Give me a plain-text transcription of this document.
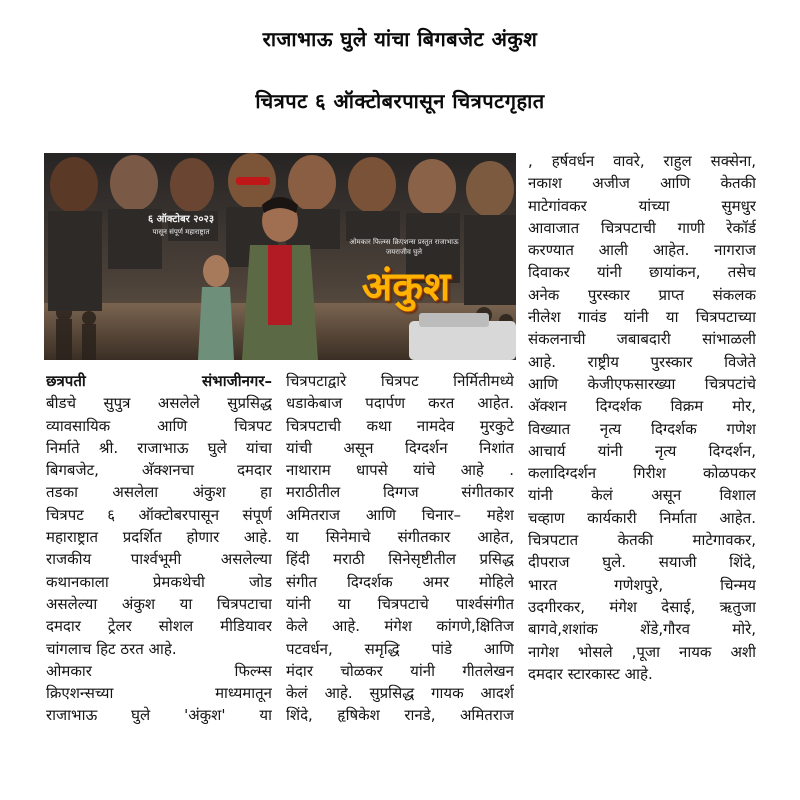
राजाभाऊ घुले यांचा बिगबजेट अंकुश
चित्रपट ६ ऑक्टोबरपासून चित्रपटगृहात
६ ऑक्टोबर २०२३
पासून संपूर्ण महाराष्ट्रात
ओमकार फिल्म्स क्रिएशन्स प्रस्तुत राजाभाऊ जयराजीव घुले
अंकुश
छत्रपती संभाजीनगर–
बीडचे सुपुत्र असलेले सुप्रसिद्ध
व्यावसायिक आणि चित्रपट
निर्माते श्री. राजाभाऊ घुले यांचा
बिगबजेट, अ‍ॅक्शनचा दमदार
तडका असलेला अंकुश हा
चित्रपट ६ ऑक्टोबरपासून संपूर्ण
महाराष्ट्रात प्रदर्शित होणार आहे.
राजकीय पार्श्वभूमी असलेल्या
कथानकाला प्रेमकथेची जोड
असलेल्या अंकुश या चित्रपटाचा
दमदार ट्रेलर सोशल मीडियावर
चांगलाच हिट ठरत आहे.
ओमकार फिल्म्स
क्रिएशन्सच्या माध्यमातून
राजाभाऊ घुले 'अंकुश' या
चित्रपटाद्वारे चित्रपट निर्मितीमध्ये
धडाकेबाज पदार्पण करत आहेत.
चित्रपटाची कथा नामदेव मुरकुटे
यांची असून दिग्दर्शन निशांत
नाथाराम धापसे यांचे आहे .
मराठीतील दिग्गज संगीतकार
अमितराज आणि चिनार– महेश
या सिनेमाचे संगीतकार आहेत,
हिंदी मराठी सिनेसृष्टीतील प्रसिद्ध
संगीत दिग्दर्शक अमर मोहिले
यांनी या चित्रपटाचे पार्श्वसंगीत
केले आहे. मंगेश कांगणे,क्षितिज
पटवर्धन, समृद्धि पांडे आणि
मंदार चोळकर यांनी गीतलेखन
केलं आहे. सुप्रसिद्ध गायक आदर्श
शिंदे, हृषिकेश रानडे, अमितराज
, हर्षवर्धन वावरे, राहुल सक्सेना,
नकाश अजीज आणि केतकी
माटेगांवकर यांच्या सुमधुर
आवाजात चित्रपटाची गाणी रेकॉर्ड
करण्यात आली आहेत. नागराज
दिवाकर यांनी छायांकन, तसेच
अनेक पुरस्कार प्राप्त संकलक
नीलेश गावंड यांनी या चित्रपटाच्या
संकलनाची जबाबदारी सांभाळली
आहे. राष्ट्रीय पुरस्कार विजेते
आणि केजीएफसारख्या चित्रपटांचे
अ‍ॅक्शन दिग्दर्शक विक्रम मोर,
विख्यात नृत्य दिग्दर्शक गणेश
आचार्य यांनी नृत्य दिग्दर्शन,
कलादिग्दर्शन गिरीश कोळपकर
यांनी केलं असून विशाल
चव्हाण कार्यकारी निर्माता आहेत.
चित्रपटात केतकी माटेगावकर,
दीपराज घुले. सयाजी शिंदे,
भारत गणेशपुरे, चिन्मय
उदगीरकर, मंगेश देसाई, ऋतुजा
बागवे,शशांक शेंडे,गौरव मोरे,
नागेश भोसले ,पूजा नायक अशी
दमदार स्टारकास्ट आहे.
